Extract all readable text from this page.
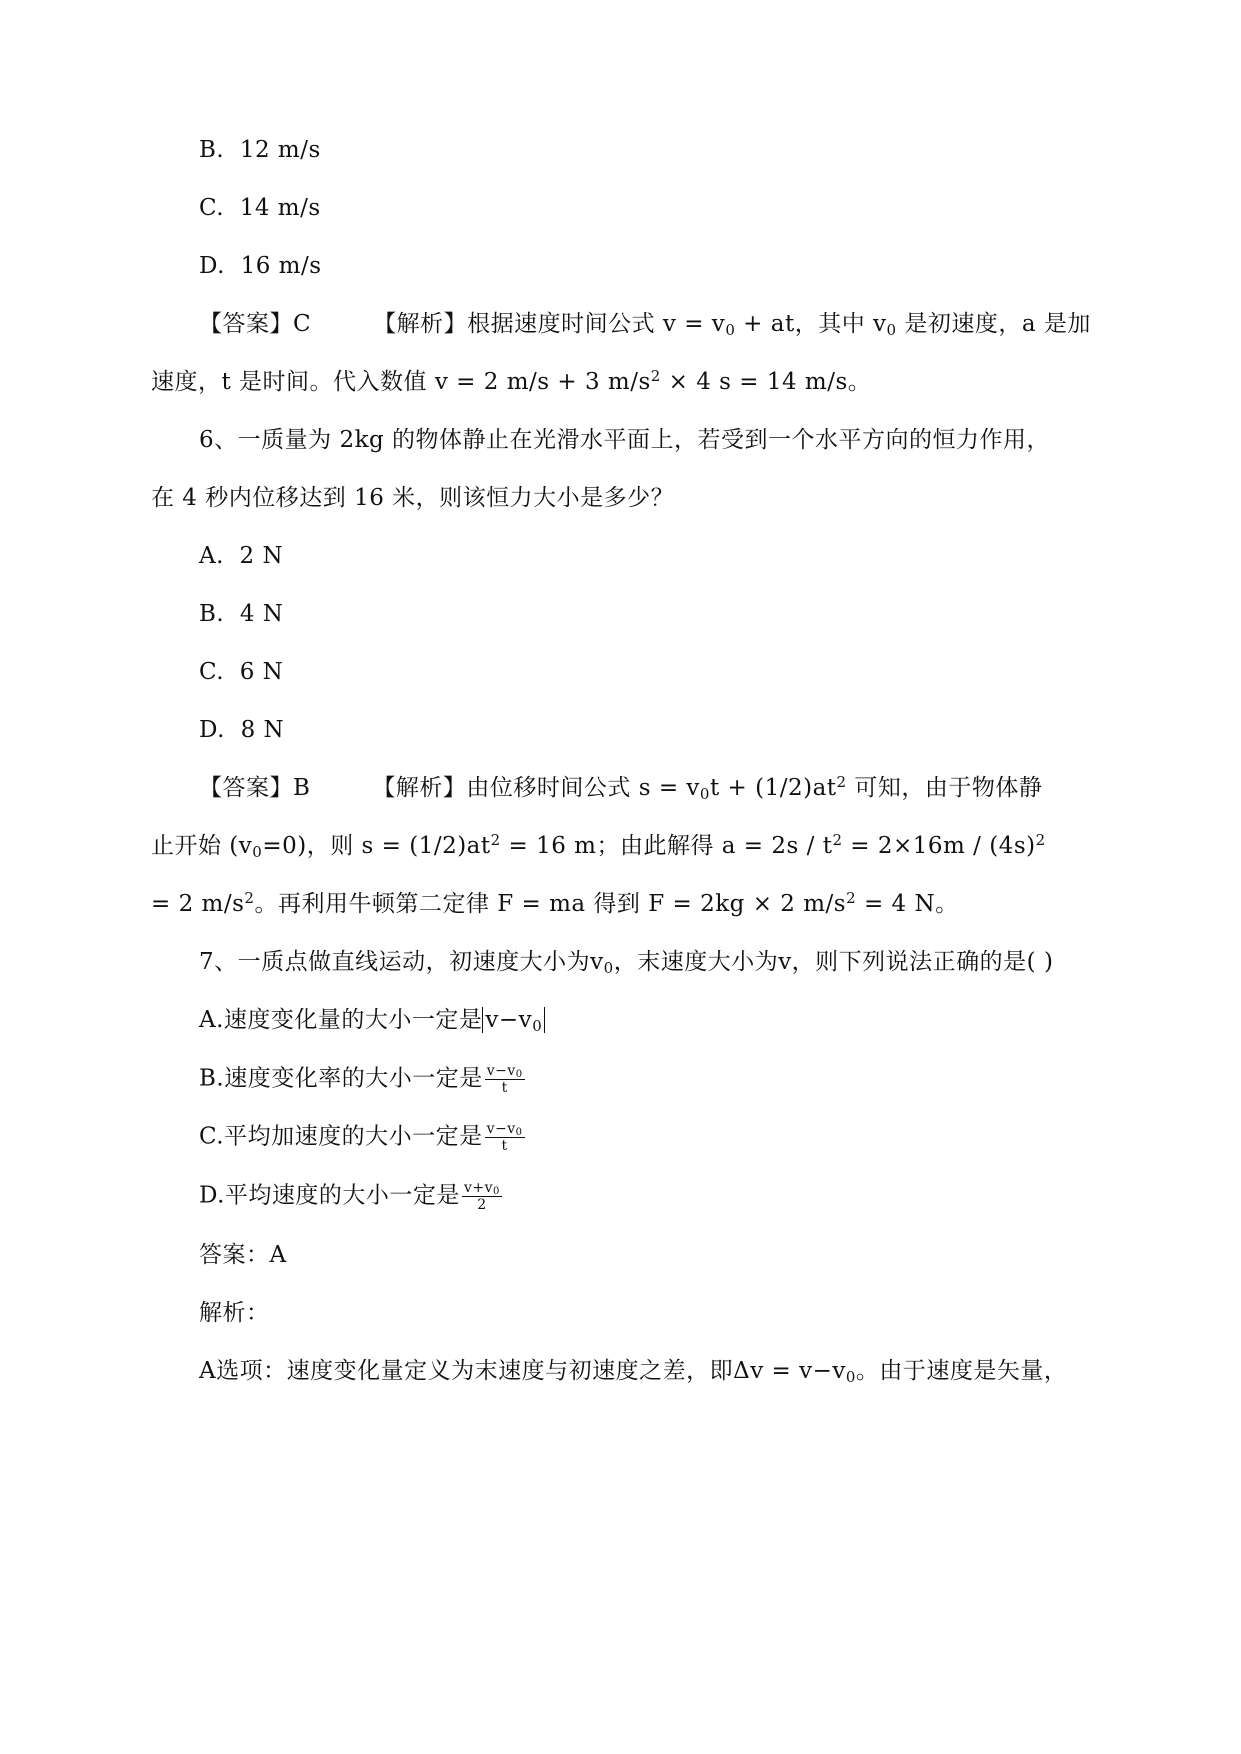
B. 12 m/s
C. 14 m/s
D. 16 m/s
【答案】C	【解析】根据速度时间公式 $v = v_0$ + at，其中 $v_0$ 是初速度，a 是加
速度，t 是时间。代入数值 v = 2 m/s + 3 $m/s^2 \times 4$ s = 14 m/s。
6、一质量为 2kg 的物体静止在光滑水平面上，若受到一个水平方向的恒力作用，
在 4 秒内位移达到 16 米，则该恒力大小是多少？
A. 2 N
B. 4 N
C. 6 N
D. 8 N
【答案】B	【解析】由位移时间公式 $s = v_0t + (1/2)at^2$ 可知，由于物体静
止开始 $(v_0=0)$，则 $s = (1/2)at^2 = 16$ m；由此解得 $a = 2s / t^2 = 2\times 16m / (4s)^2$
= 2 $m/s^2$。再利用牛顿第二定律 F = ma 得到 F = 2kg × 2 $m/s^2 = 4$ N。
7、一质点做直线运动，初速度大小为$v_0$，末速度大小为v，则下列说法正确的是( )
A.速度变化量的大小一定是 $v-v_0$
B.速度变化率的大小一定是 $\frac{v-v_0}{t}$
C.平均加速度的大小一定是 $\frac{v-v_0}{t}$
D.平均速度的大小一定是 $\frac{v+v_0}{2}$
答案：A
解析：
A选项：速度变化量定义为末速度与初速度之差，即$\Delta v = v-v_0$。由于速度是矢量，
